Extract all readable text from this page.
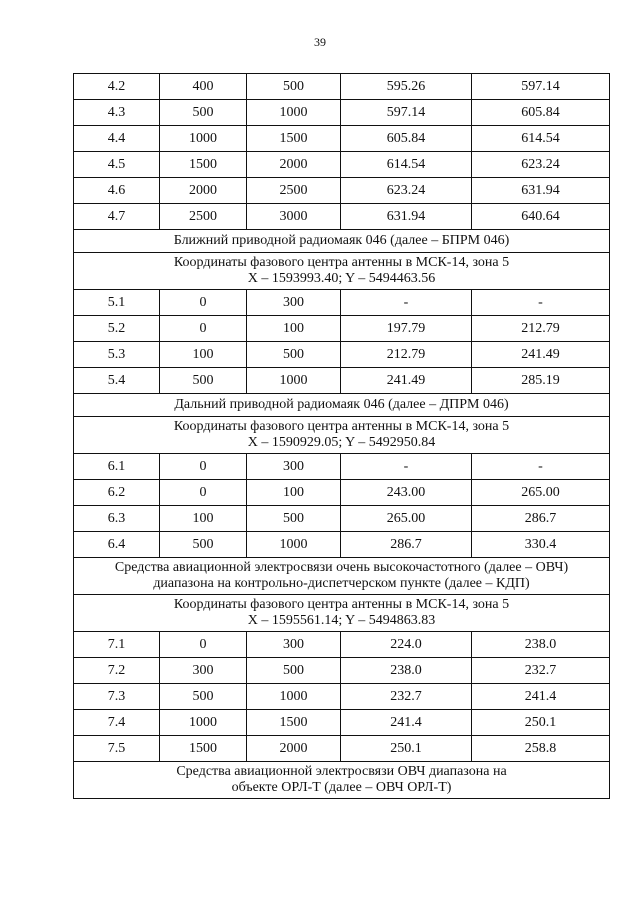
39
4.2	400	500	595.26	597.14
4.3	500	1000	597.14	605.84
4.4	1000	1500	605.84	614.54
4.5	1500	2000	614.54	623.24
4.6	2000	2500	623.24	631.94
4.7	2500	3000	631.94	640.64

Ближний приводной радиомаяк 046 (далее – БПРМ 046)				

Координаты фазового центра антенны в МСК-14, зона 5
X – 1593993.40; Y – 5494463.56				

5.1	0	300	-	-
5.2	0	100	197.79	212.79
5.3	100	500	212.79	241.49
5.4	500	1000	241.49	285.19

Дальний приводной радиомаяк 046 (далее – ДПРМ 046)				

Координаты фазового центра антенны в МСК-14, зона 5
X – 1590929.05; Y – 5492950.84				

6.1	0	300	-	-
6.2	0	100	243.00	265.00
6.3	100	500	265.00	286.7
6.4	500	1000	286.7	330.4

Средства авиационной электросвязи очень высокочастотного (далее – ОВЧ)
диапазона на контрольно-диспетчерском пункте (далее – КДП)				

Координаты фазового центра антенны в МСК-14, зона 5
X – 1595561.14; Y – 5494863.83				

7.1	0	300	224.0	238.0
7.2	300	500	238.0	232.7
7.3	500	1000	232.7	241.4
7.4	1000	1500	241.4	250.1
7.5	1500	2000	250.1	258.8

Средства авиационной электросвязи ОВЧ диапазона на
объекте ОРЛ-Т (далее – ОВЧ ОРЛ-Т)				
